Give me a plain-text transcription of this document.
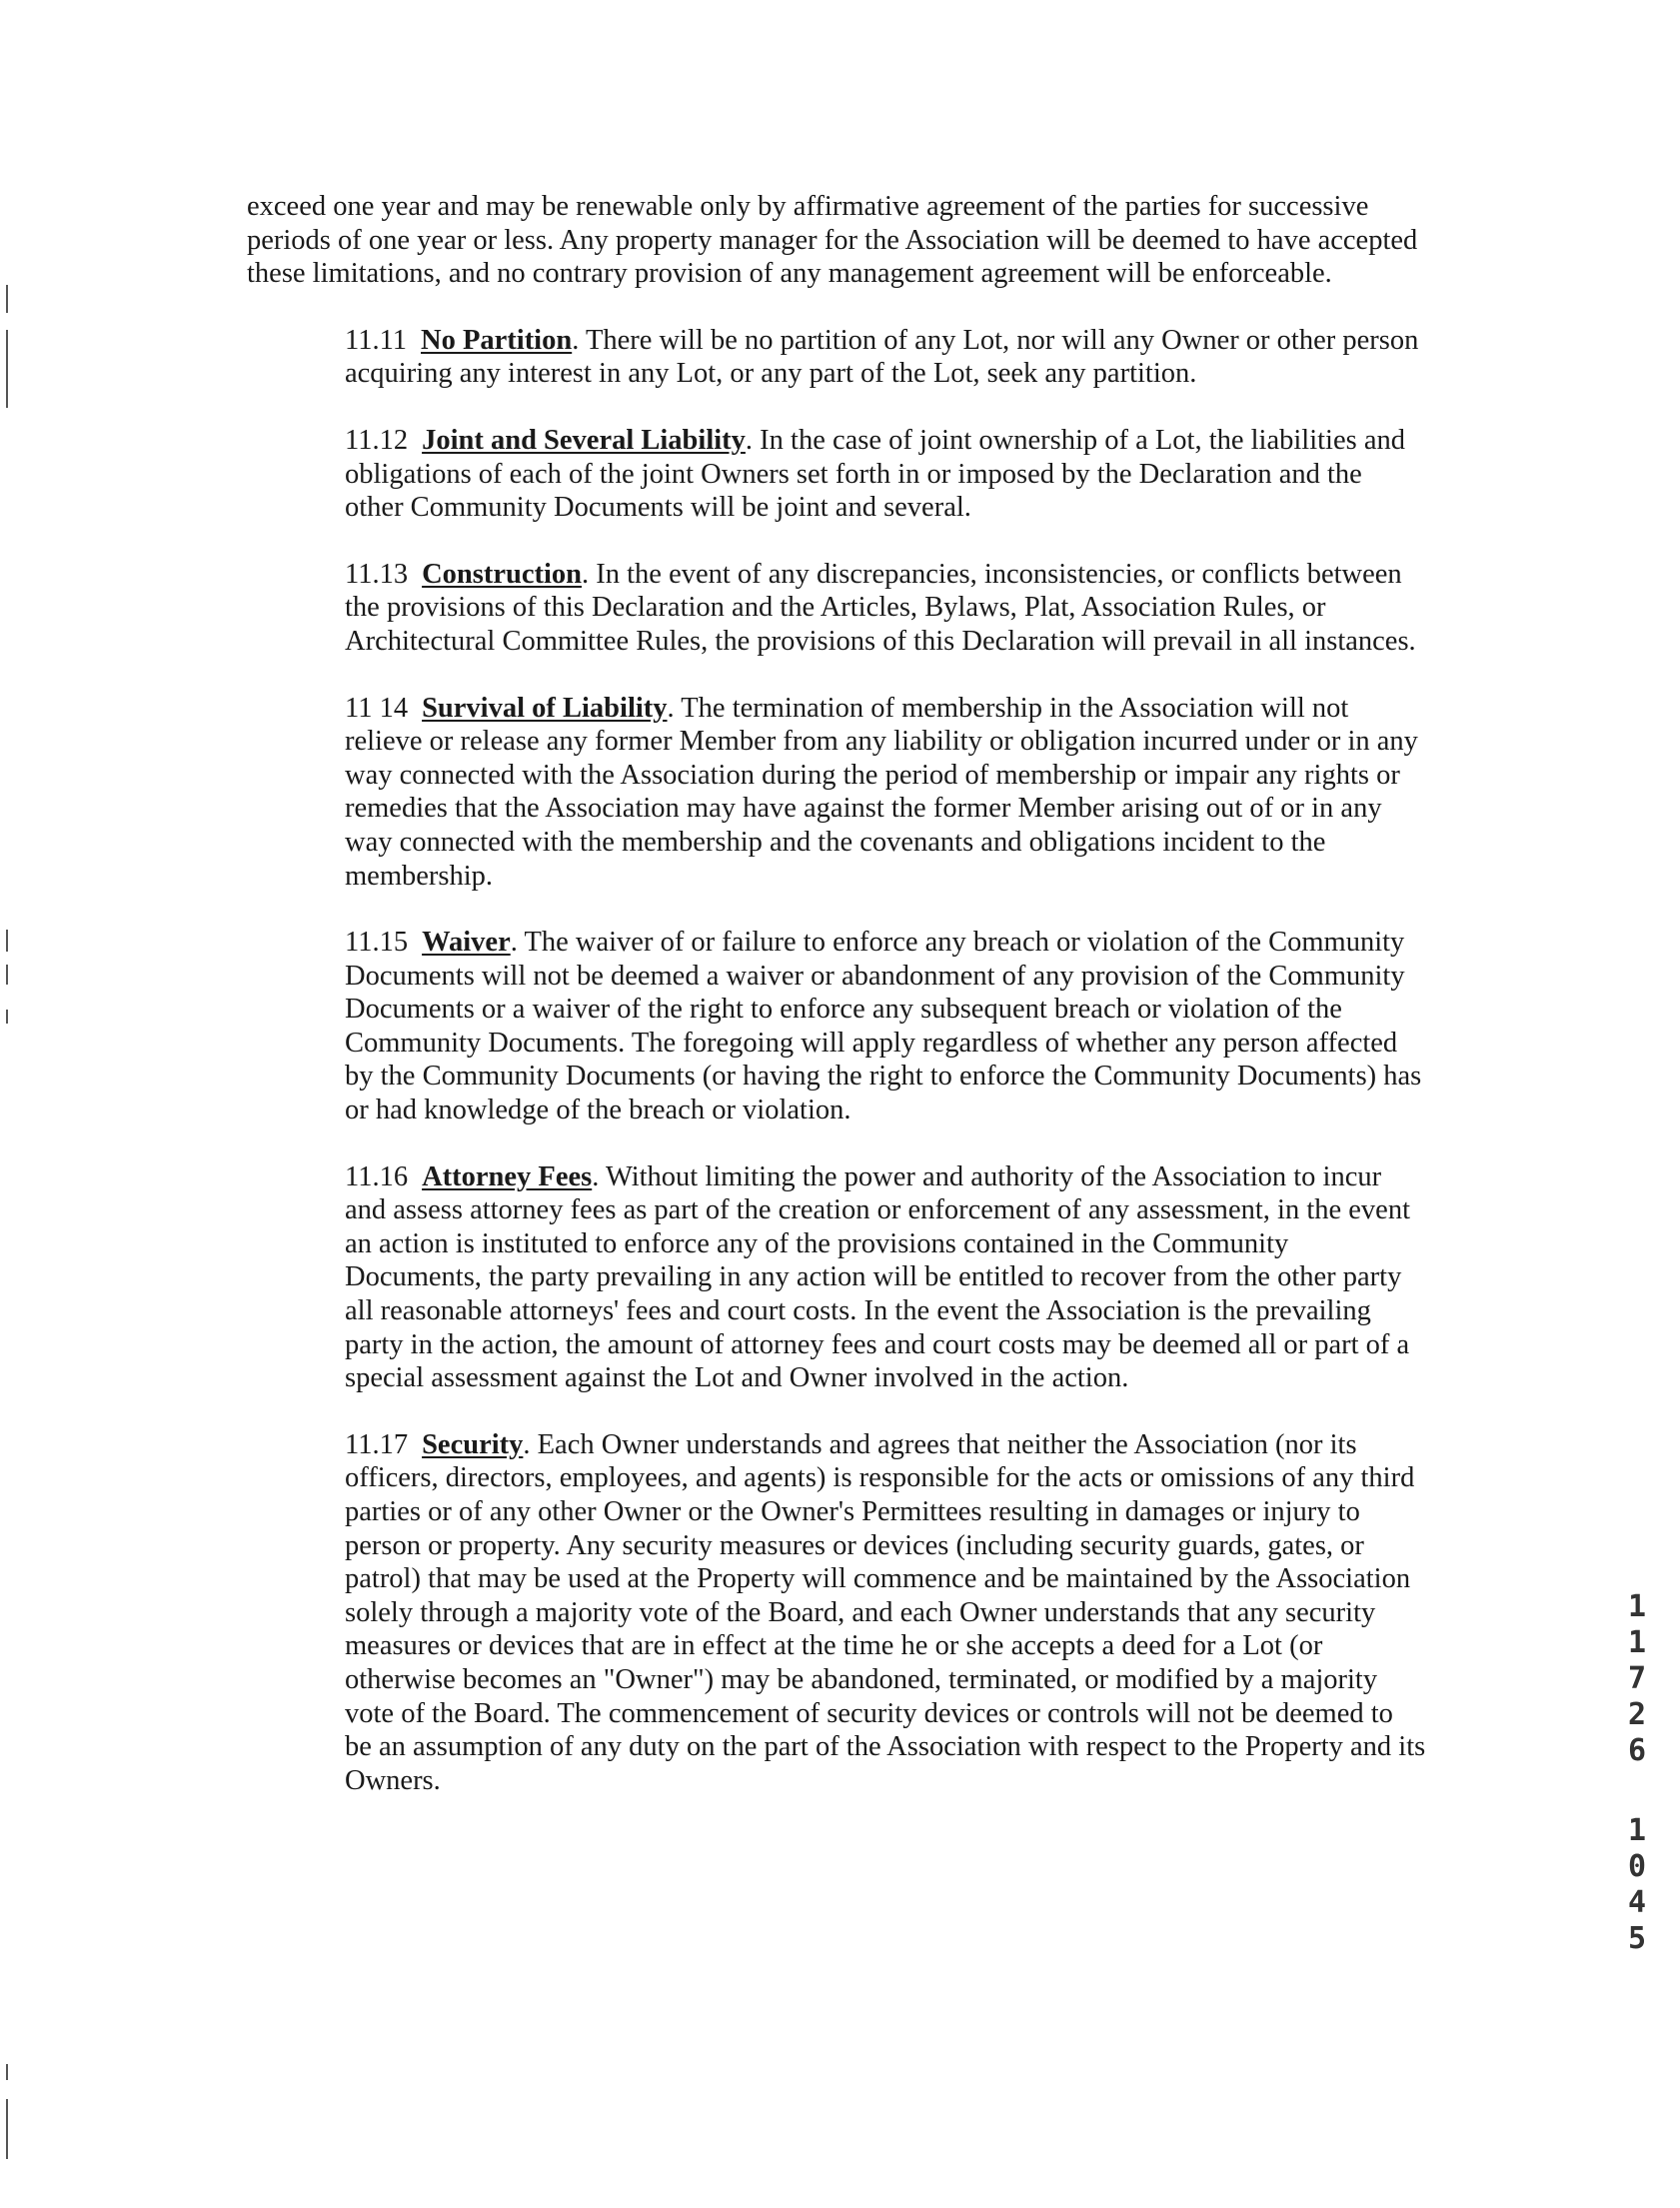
exceed one year and may be renewable only by affirmative agreement of the parties for successive periods of one year or less. Any property manager for the Association will be deemed to have accepted these limitations, and no contrary provision of any management agreement will be enforceable.

11.11 No Partition. There will be no partition of any Lot, nor will any Owner or other person acquiring any interest in any Lot, or any part of the Lot, seek any partition.

11.12 Joint and Several Liability. In the case of joint ownership of a Lot, the liabilities and obligations of each of the joint Owners set forth in or imposed by the Declaration and the other Community Documents will be joint and several.

11.13 Construction. In the event of any discrepancies, inconsistencies, or conflicts between the provisions of this Declaration and the Articles, Bylaws, Plat, Association Rules, or Architectural Committee Rules, the provisions of this Declaration will prevail in all instances.

11 14 Survival of Liability. The termination of membership in the Association will not relieve or release any former Member from any liability or obligation incurred under or in any way connected with the Association during the period of membership or impair any rights or remedies that the Association may have against the former Member arising out of or in any way connected with the membership and the covenants and obligations incident to the membership.

11.15 Waiver. The waiver of or failure to enforce any breach or violation of the Community Documents will not be deemed a waiver or abandonment of any provision of the Community Documents or a waiver of the right to enforce any subsequent breach or violation of the Community Documents. The foregoing will apply regardless of whether any person affected by the Community Documents (or having the right to enforce the Community Documents) has or had knowledge of the breach or violation.

11.16 Attorney Fees. Without limiting the power and authority of the Association to incur and assess attorney fees as part of the creation or enforcement of any assessment, in the event an action is instituted to enforce any of the provisions contained in the Community Documents, the party prevailing in any action will be entitled to recover from the other party all reasonable attorneys' fees and court costs. In the event the Association is the prevailing party in the action, the amount of attorney fees and court costs may be deemed all or part of a special assessment against the Lot and Owner involved in the action.

11.17 Security. Each Owner understands and agrees that neither the Association (nor its officers, directors, employees, and agents) is responsible for the acts or omissions of any third parties or of any other Owner or the Owner's Permittees resulting in damages or injury to person or property. Any security measures or devices (including security guards, gates, or patrol) that may be used at the Property will commence and be maintained by the Association solely through a majority vote of the Board, and each Owner understands that any security measures or devices that are in effect at the time he or she accepts a deed for a Lot (or otherwise becomes an "Owner") may be abandoned, terminated, or modified by a majority vote of the Board. The commencement of security devices or controls will not be deemed to be an assumption of any duty on the part of the Association with respect to the Property and its Owners.

11726
1045
